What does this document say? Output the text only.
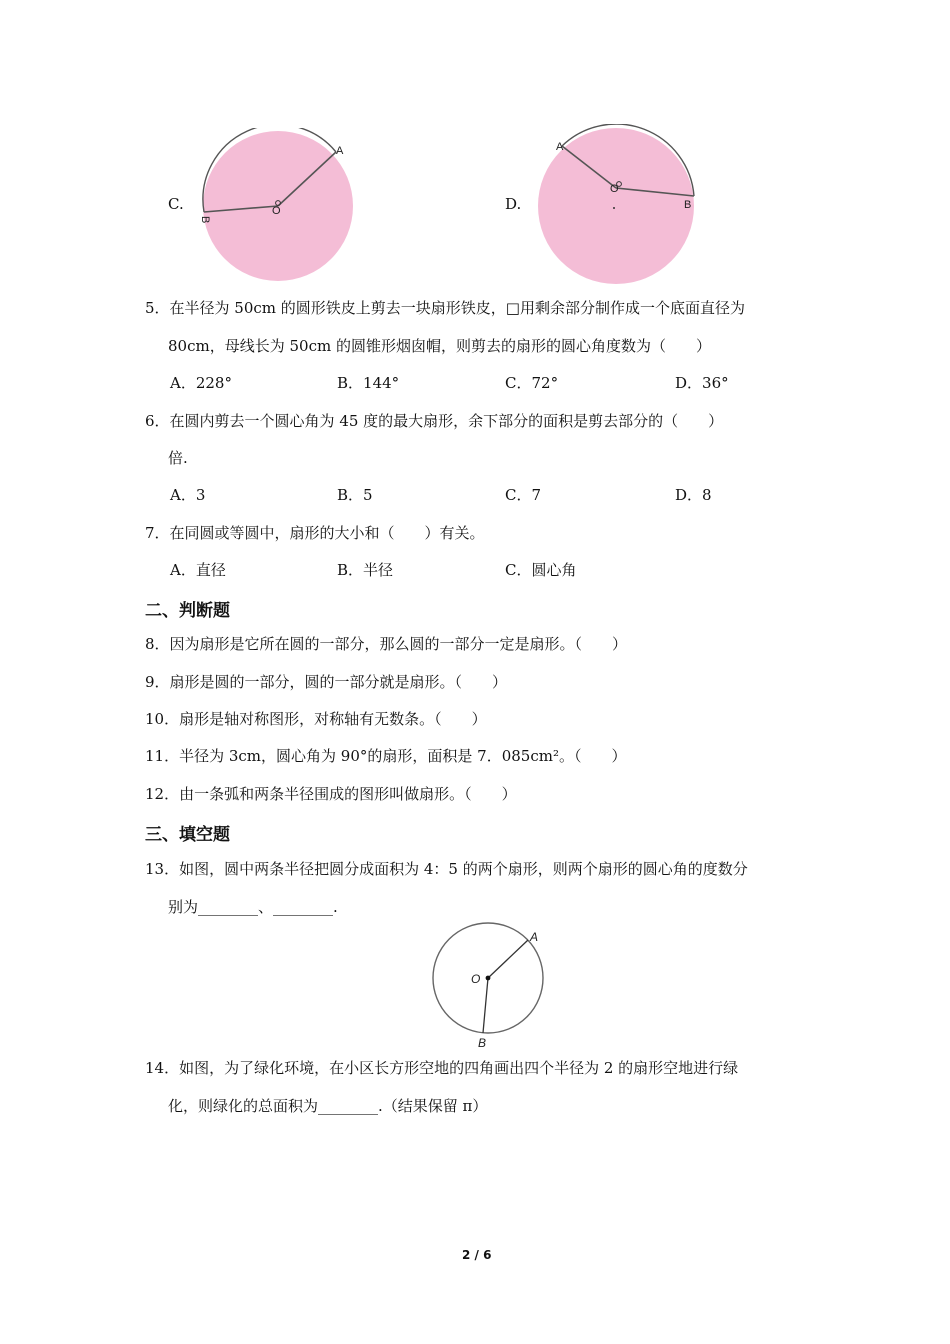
C.
A
B
O	D.
A
B
O
5．在半径为 50cm 的圆形铁皮上剪去一块扇形铁皮，□用剩余部分制作成一个底面直径为
80cm，母线长为 50cm 的圆锥形烟囱帽，则剪去的扇形的圆心角度数为（　　）
A．228°	B．144°	C．72°	D．36°
6．在圆内剪去一个圆心角为 45 度的最大扇形，余下部分的面积是剪去部分的（　　）
倍.
A．3	B．5	C．7	D．8
7．在同圆或等圆中，扇形的大小和（　　）有关。
A．直径	B．半径	C．圆心角
二、判断题
8．因为扇形是它所在圆的一部分，那么圆的一部分一定是扇形。（　　）
9．扇形是圆的一部分，圆的一部分就是扇形。（　　）
10．扇形是轴对称图形，对称轴有无数条。（　　）
11．半径为 3cm，圆心角为 90°的扇形，面积是 7．085cm²。（　　）
12．由一条弧和两条半径围成的图形叫做扇形。（　　）
三、填空题
13．如图，圆中两条半径把圆分成面积为 4：5 的两个扇形，则两个扇形的圆心角的度数分
别为________、________.
A
B
O
14．如图，为了绿化环境，在小区长方形空地的四角画出四个半径为 2 的扇形空地进行绿
化，则绿化的总面积为________.（结果保留 π）
2 / 6
